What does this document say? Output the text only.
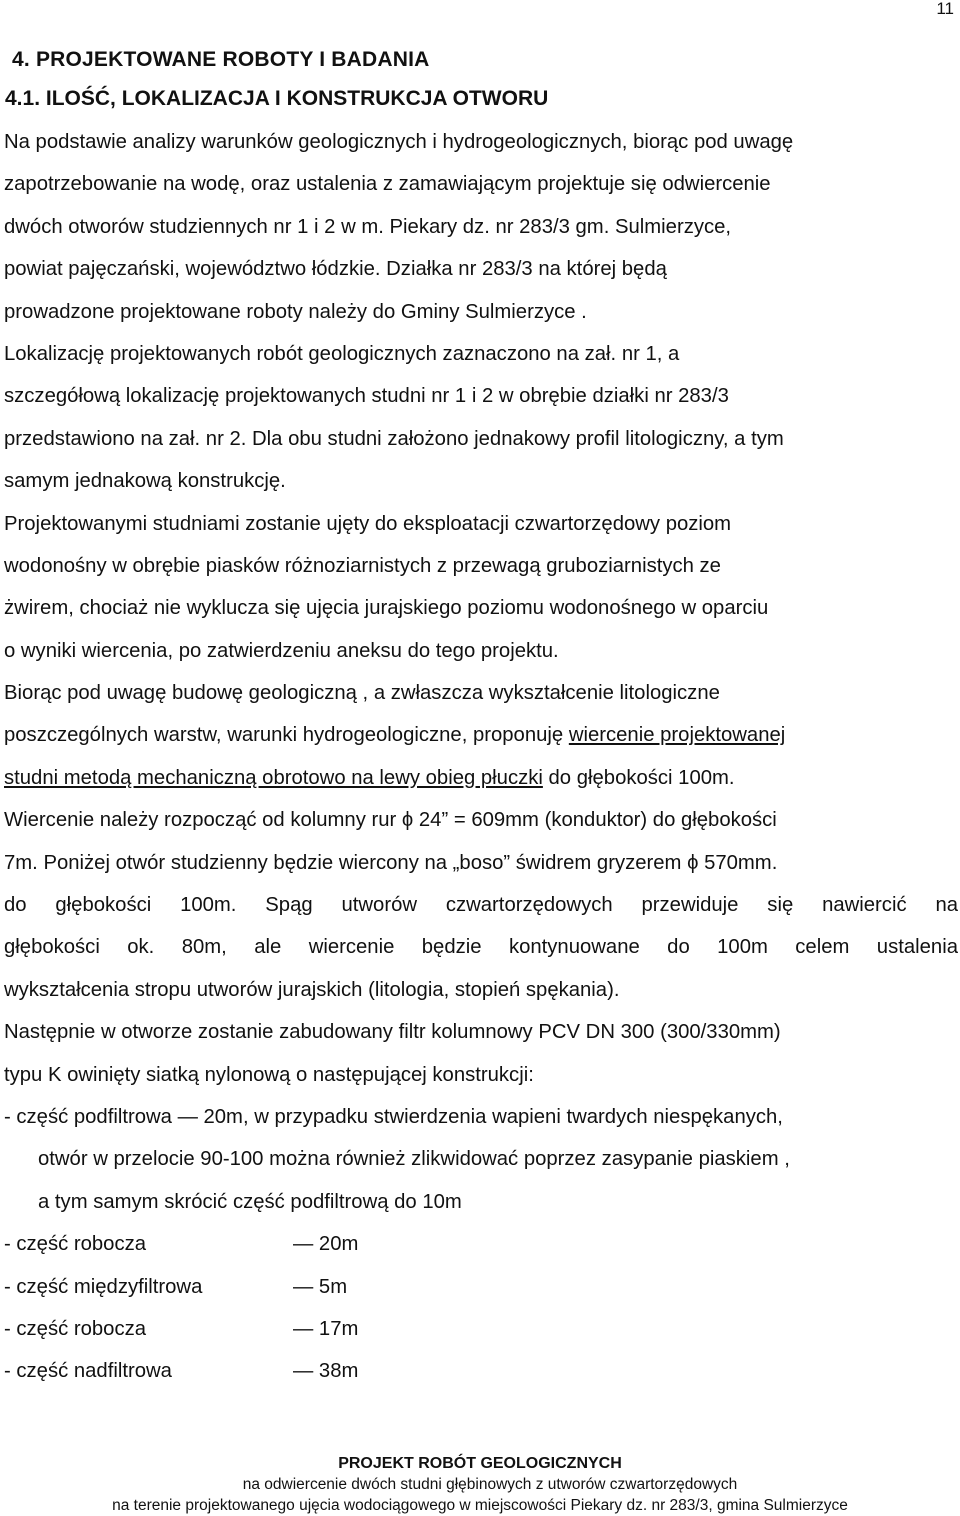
11
4. PROJEKTOWANE ROBOTY I BADANIA
4.1. ILOŚĆ, LOKALIZACJA I KONSTRUKCJA OTWORU
Na podstawie analizy warunków geologicznych i hydrogeologicznych, biorąc pod uwagę
zapotrzebowanie na wodę, oraz ustalenia z zamawiającym projektuje się odwiercenie
dwóch otworów studziennych nr 1 i 2 w m. Piekary dz. nr 283/3 gm. Sulmierzyce,
powiat pajęczański, województwo łódzkie. Działka nr 283/3 na której będą
prowadzone projektowane roboty należy do Gminy Sulmierzyce .
Lokalizację projektowanych robót geologicznych zaznaczono na zał. nr 1, a
szczegółową lokalizację projektowanych studni nr 1 i 2 w obrębie działki nr 283/3
przedstawiono na zał. nr 2. Dla obu studni założono jednakowy profil litologiczny, a tym
samym jednakową konstrukcję.
Projektowanymi studniami zostanie ujęty do eksploatacji czwartorzędowy poziom
wodonośny w obrębie piasków różnoziarnistych z przewagą gruboziarnistych ze
żwirem, chociaż nie wyklucza się ujęcia jurajskiego poziomu wodonośnego w oparciu
o wyniki wiercenia, po zatwierdzeniu aneksu do tego projektu.
Biorąc pod uwagę budowę geologiczną , a zwłaszcza wykształcenie litologiczne
poszczególnych warstw, warunki hydrogeologiczne, proponuję wiercenie projektowanej
studni metodą mechaniczną obrotowo na lewy obieg płuczki do głębokości 100m.
Wiercenie należy rozpocząć od kolumny rur ϕ 24” = 609mm (konduktor) do głębokości
7m. Poniżej otwór studzienny będzie wiercony na „boso” świdrem gryzerem ϕ 570mm.
do głębokości 100m. Spąg utworów czwartorzędowych przewiduje się nawiercić na
głębokości ok. 80m, ale wiercenie będzie kontynuowane do 100m celem ustalenia
wykształcenia stropu utworów jurajskich (litologia, stopień spękania).
Następnie w otworze zostanie zabudowany filtr kolumnowy PCV DN 300 (300/330mm)
typu K owinięty siatką nylonową o następującej konstrukcji:
- część podfiltrowa — 20m, w przypadku stwierdzenia wapieni twardych niespękanych,
otwór w przelocie 90-100 można również zlikwidować poprzez zasypanie piaskiem ,
a tym samym skrócić część podfiltrową do 10m
- część robocza	— 20m
- część międzyfiltrowa	— 5m
- część robocza	— 17m
- część nadfiltrowa	— 38m
PROJEKT ROBÓT GEOLOGICZNYCH
na odwiercenie dwóch studni głębinowych z utworów czwartorzędowych
na terenie projektowanego ujęcia wodociągowego w miejscowości Piekary dz. nr 283/3, gmina Sulmierzyce
